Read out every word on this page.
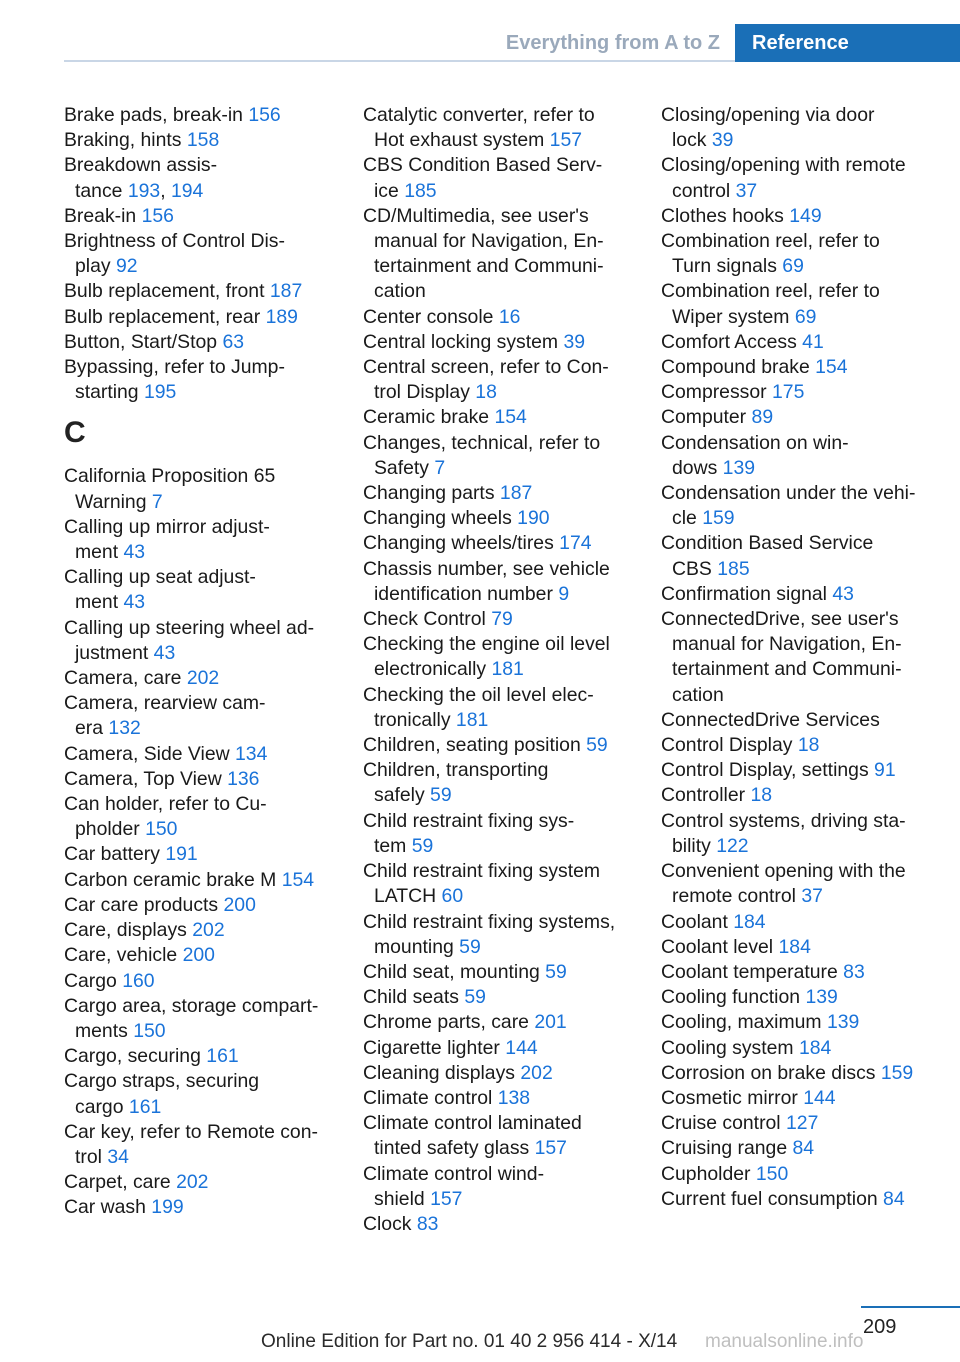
Everything from A to Z	Reference
Brake pads, break-in 156
Braking, hints 158
Breakdown assis-
tance 193, 194
Break-in 156
Brightness of Control Dis-
play 92
Bulb replacement, front 187
Bulb replacement, rear 189
Button, Start/Stop 63
Bypassing, refer to Jump-
starting 195
C
California Proposition 65
Warning 7
Calling up mirror adjust-
ment 43
Calling up seat adjust-
ment 43
Calling up steering wheel ad-
justment 43
Camera, care 202
Camera, rearview cam-
era 132
Camera, Side View 134
Camera, Top View 136
Can holder, refer to Cu-
pholder 150
Car battery 191
Carbon ceramic brake M 154
Car care products 200
Care, displays 202
Care, vehicle 200
Cargo 160
Cargo area, storage compart-
ments 150
Cargo, securing 161
Cargo straps, securing
cargo 161
Car key, refer to Remote con-
trol 34
Carpet, care 202
Car wash 199
Catalytic converter, refer to
Hot exhaust system 157
CBS Condition Based Serv-
ice 185
CD/Multimedia, see user's
manual for Navigation, En-
tertainment and Communi-
cation
Center console 16
Central locking system 39
Central screen, refer to Con-
trol Display 18
Ceramic brake 154
Changes, technical, refer to
Safety 7
Changing parts 187
Changing wheels 190
Changing wheels/tires 174
Chassis number, see vehicle
identification number 9
Check Control 79
Checking the engine oil level
electronically 181
Checking the oil level elec-
tronically 181
Children, seating position 59
Children, transporting
safely 59
Child restraint fixing sys-
tem 59
Child restraint fixing system
LATCH 60
Child restraint fixing systems,
mounting 59
Child seat, mounting 59
Child seats 59
Chrome parts, care 201
Cigarette lighter 144
Cleaning displays 202
Climate control 138
Climate control laminated
tinted safety glass 157
Climate control wind-
shield 157
Clock 83
Closing/opening via door
lock 39
Closing/opening with remote
control 37
Clothes hooks 149
Combination reel, refer to
Turn signals 69
Combination reel, refer to
Wiper system 69
Comfort Access 41
Compound brake 154
Compressor 175
Computer 89
Condensation on win-
dows 139
Condensation under the vehi-
cle 159
Condition Based Service
CBS 185
Confirmation signal 43
ConnectedDrive, see user's
manual for Navigation, En-
tertainment and Communi-
cation
ConnectedDrive Services
Control Display 18
Control Display, settings 91
Controller 18
Control systems, driving sta-
bility 122
Convenient opening with the
remote control 37
Coolant 184
Coolant level 184
Coolant temperature 83
Cooling function 139
Cooling, maximum 139
Cooling system 184
Corrosion on brake discs 159
Cosmetic mirror 144
Cruise control 127
Cruising range 84
Cupholder 150
Current fuel consumption 84
209
Online Edition for Part no. 01 40 2 956 414 - X/14 manualsonline.info
